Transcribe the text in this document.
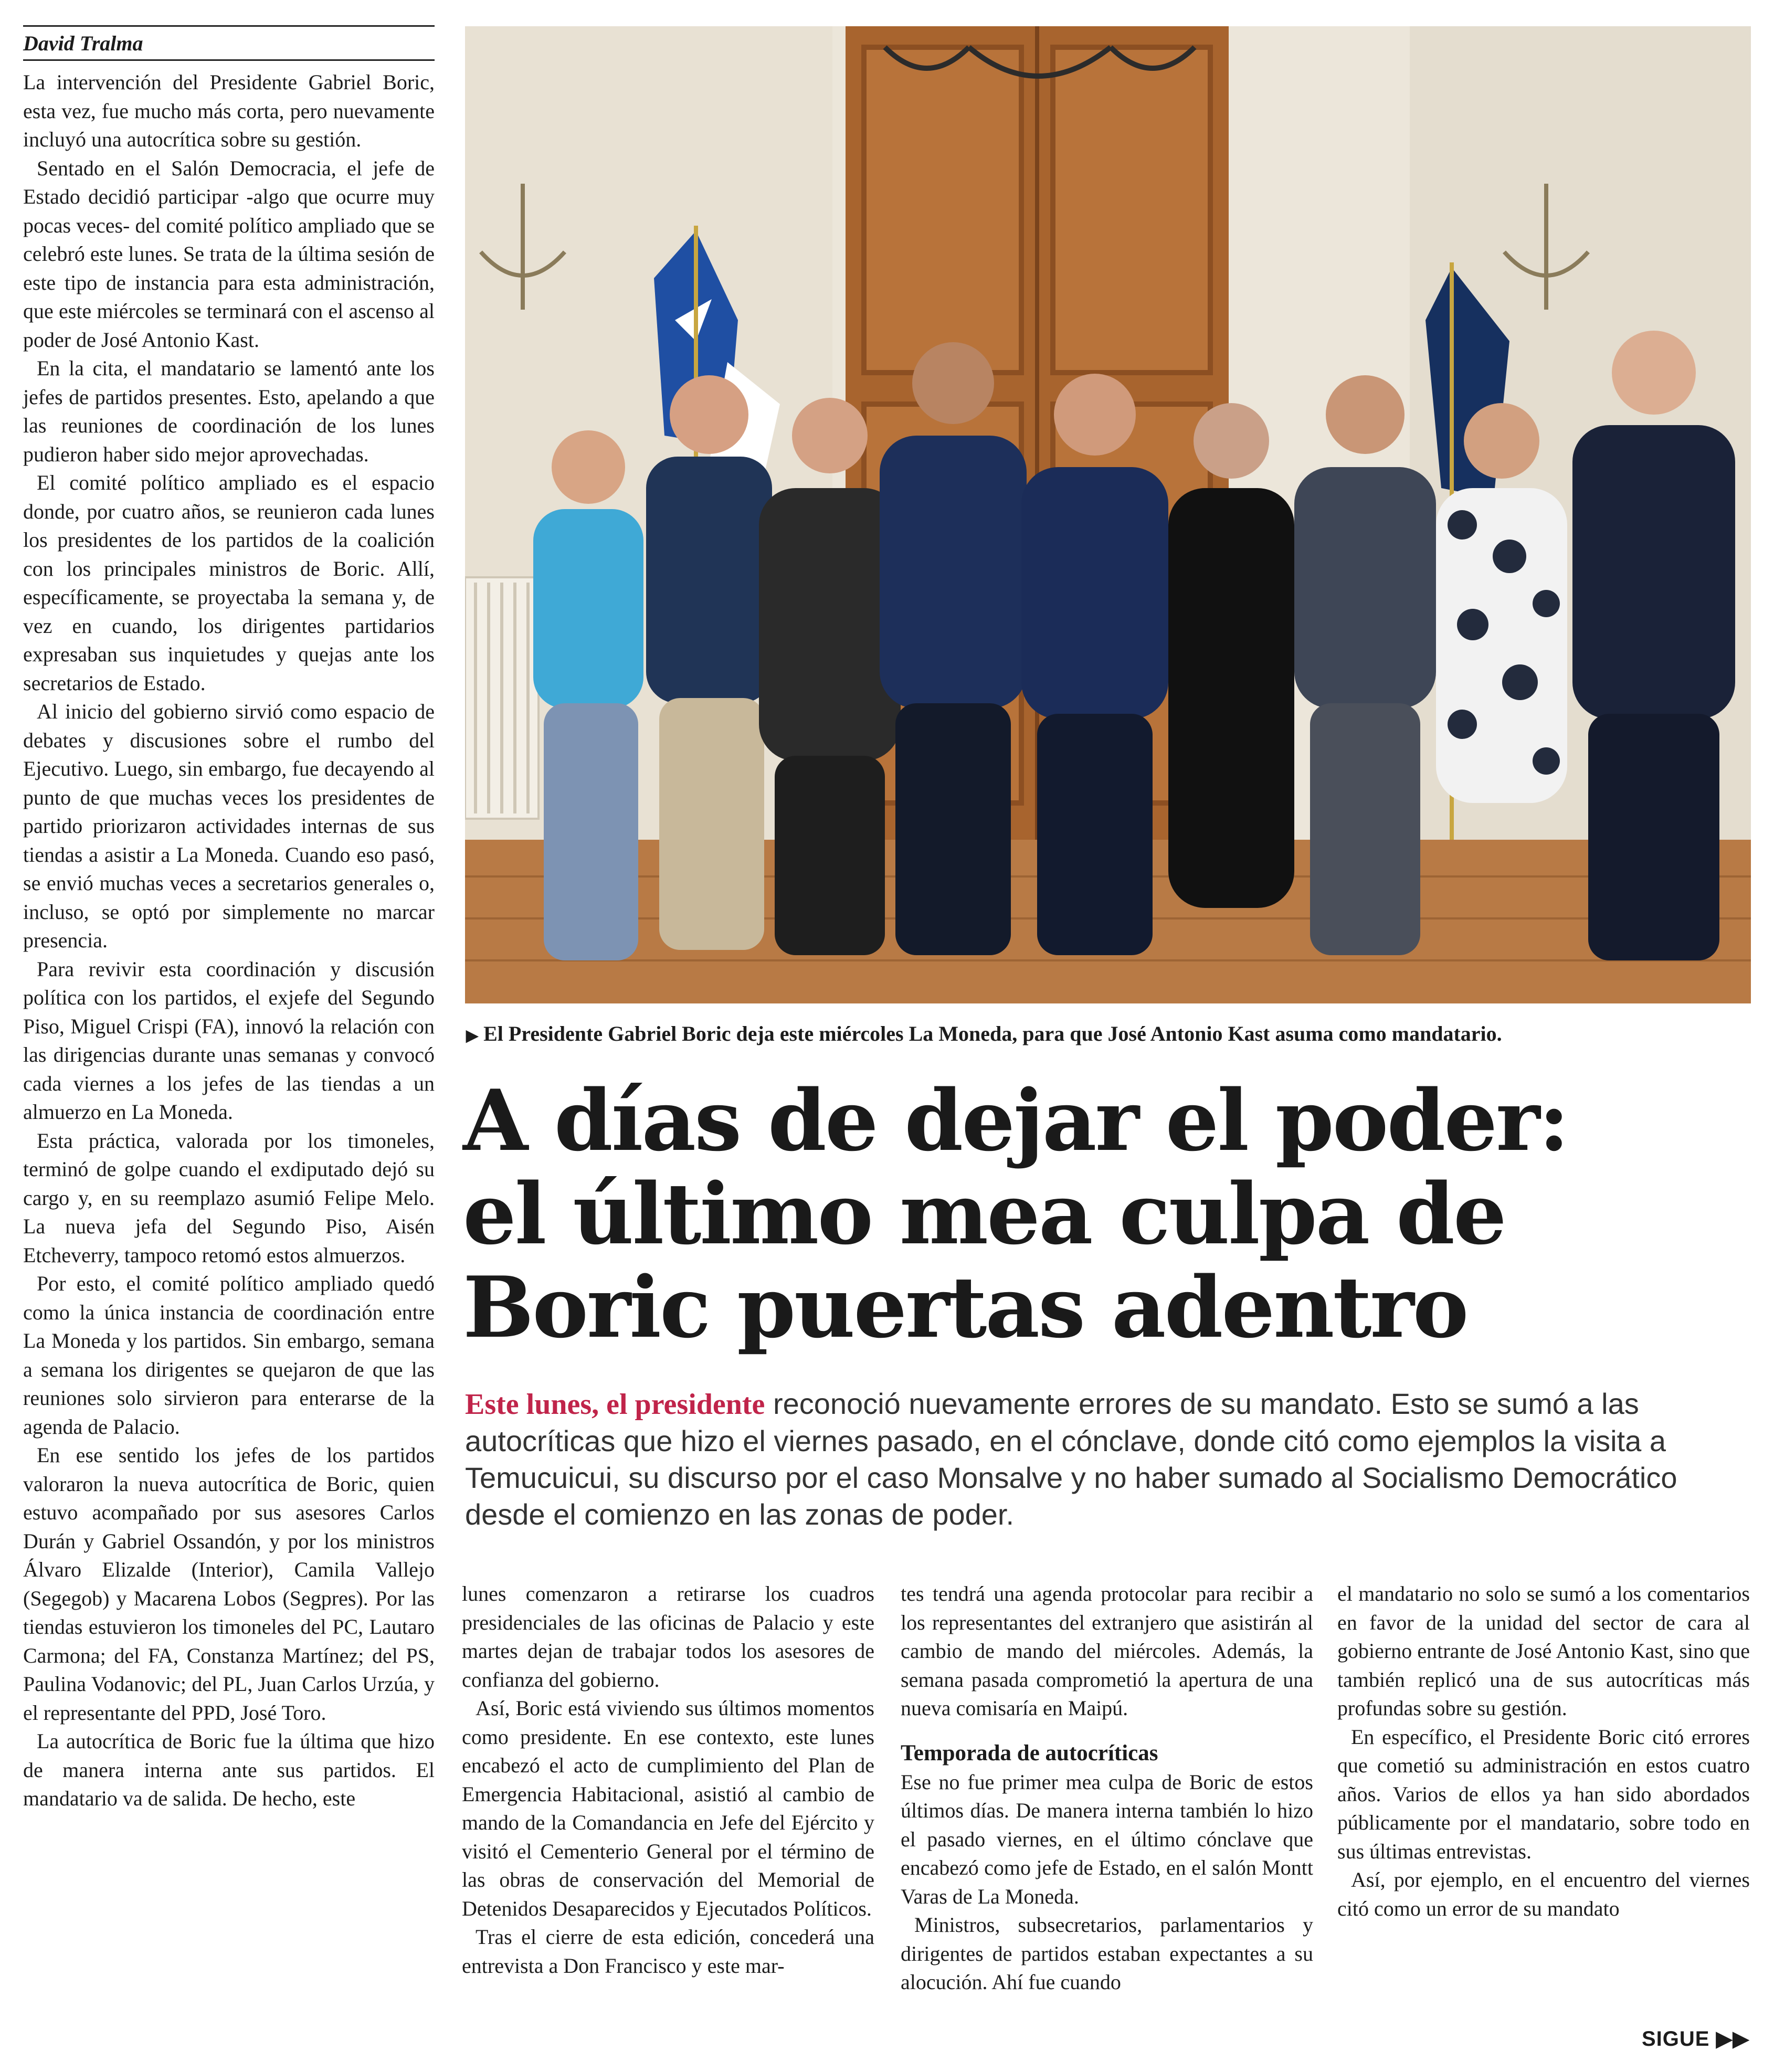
David Tralma

La intervención del Presidente Gabriel Boric, esta vez, fue mucho más corta, pero nuevamente incluyó una autocrítica sobre su gestión.

Sentado en el Salón Democracia, el jefe de Estado decidió participar -algo que ocurre muy pocas veces- del comité político ampliado que se celebró este lunes. Se trata de la última sesión de este tipo de instancia para esta administración, que este miércoles se terminará con el ascenso al poder de José Antonio Kast.

En la cita, el mandatario se lamentó ante los jefes de partidos presentes. Esto, apelando a que las reuniones de coordinación de los lunes pudieron haber sido mejor aprovechadas.

El comité político ampliado es el espacio donde, por cuatro años, se reunieron cada lunes los presidentes de los partidos de la coalición con los principales ministros de Boric. Allí, específicamente, se proyectaba la semana y, de vez en cuando, los dirigentes partidarios expresaban sus inquietudes y quejas ante los secretarios de Estado.

Al inicio del gobierno sirvió como espacio de debates y discusiones sobre el rumbo del Ejecutivo. Luego, sin embargo, fue decayendo al punto de que muchas veces los presidentes de partido priorizaron actividades internas de sus tiendas a asistir a La Moneda. Cuando eso pasó, se envió muchas veces a secretarios generales o, incluso, se optó por simplemente no marcar presencia.

Para revivir esta coordinación y discusión política con los partidos, el exjefe del Segundo Piso, Miguel Crispi (FA), innovó la relación con las dirigencias durante unas semanas y convocó cada viernes a los jefes de las tiendas a un almuerzo en La Moneda.

Esta práctica, valorada por los timoneles, terminó de golpe cuando el exdiputado dejó su cargo y, en su reemplazo asumió Felipe Melo. La nueva jefa del Segundo Piso, Aisén Etcheverry, tampoco retomó estos almuerzos.

Por esto, el comité político ampliado quedó como la única instancia de coordinación entre La Moneda y los partidos. Sin embargo, semana a semana los dirigentes se quejaron de que las reuniones solo sirvieron para enterarse de la agenda de Palacio.

En ese sentido los jefes de los partidos valoraron la nueva autocrítica de Boric, quien estuvo acompañado por sus asesores Carlos Durán y Gabriel Ossandón, y por los ministros Álvaro Elizalde (Interior), Camila Vallejo (Segegob) y Macarena Lobos (Segpres). Por las tiendas estuvieron los timoneles del PC, Lautaro Carmona; del FA, Constanza Martínez; del PS, Paulina Vodanovic; del PL, Juan Carlos Urzúa, y el representante del PPD, José Toro.

La autocrítica de Boric fue la última que hizo de manera interna ante sus partidos. El mandatario va de salida. De hecho, este

▶ El Presidente Gabriel Boric deja este miércoles La Moneda, para que José Antonio Kast asuma como mandatario.
A días de dejar el poder:
el último mea culpa de
Boric puertas adentro
Este lunes, el presidente reconoció nuevamente errores de su mandato. Esto se sumó a las autocríticas que hizo el viernes pasado, en el cónclave, donde citó como ejemplos la visita a Temucuicui, su discurso por el caso Monsalve y no haber sumado al Socialismo Democrático desde el comienzo en las zonas de poder.

lunes comenzaron a retirarse los cuadros presidenciales de las oficinas de Palacio y este martes dejan de trabajar todos los asesores de confianza del gobierno.

Así, Boric está viviendo sus últimos momentos como presidente. En ese contexto, este lunes encabezó el acto de cumplimiento del Plan de Emergencia Habitacional, asistió al cambio de mando de la Comandancia en Jefe del Ejército y visitó el Cementerio General por el término de las obras de conservación del Memorial de Detenidos Desaparecidos y Ejecutados Políticos.

Tras el cierre de esta edición, concederá una entrevista a Don Francisco y este mar-

tes tendrá una agenda protocolar para recibir a los representantes del extranjero que asistirán al cambio de mando del miércoles. Además, la semana pasada comprometió la apertura de una nueva comisaría en Maipú.

Temporada de autocríticas

Ese no fue primer mea culpa de Boric de estos últimos días. De manera interna también lo hizo el pasado viernes, en el último cónclave que encabezó como jefe de Estado, en el salón Montt Varas de La Moneda.

Ministros, subsecretarios, parlamentarios y dirigentes de partidos estaban expectantes a su alocución. Ahí fue cuando

el mandatario no solo se sumó a los comentarios en favor de la unidad del sector de cara al gobierno entrante de José Antonio Kast, sino que también replicó una de sus autocríticas más profundas sobre su gestión.

En específico, el Presidente Boric citó errores que cometió su administración en estos cuatro años. Varios de ellos ya han sido abordados públicamente por el mandatario, sobre todo en sus últimas entrevistas.

Así, por ejemplo, en el encuentro del viernes citó como un error de su mandato

SIGUE ▶▶
